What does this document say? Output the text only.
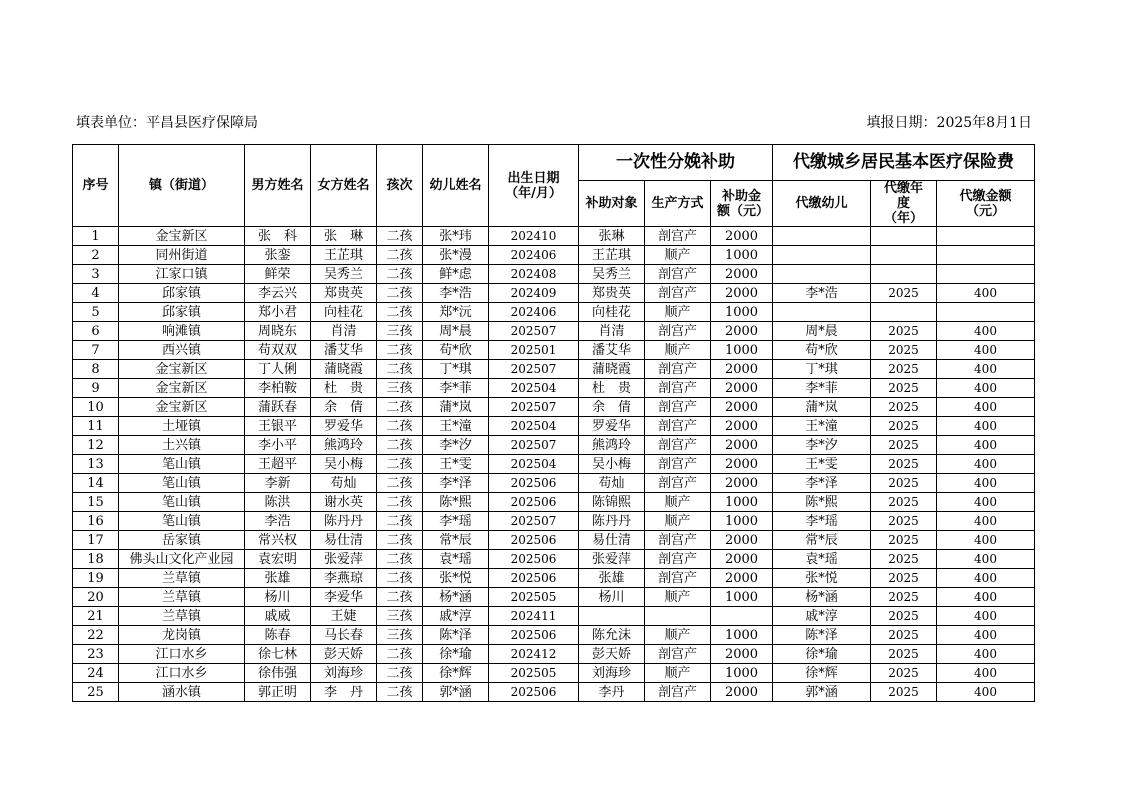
填表单位：平昌县医疗保障局	填报日期：2025年8月1日
序号	镇（街道）	男方姓名	女方姓名	孩次	幼儿姓名	出生日期（年/月）	一次性分娩补助			代缴城乡居民基本医疗保险费		
							补助对象	生产方式	补助金额（元）	代缴幼儿	代缴年度（年）	代缴金额（元）
1	金宝新区	张　科	张　琳	二孩	张*玮	202410	张琳	剖宫产	2000			
2	同州街道	张銮	王芷琪	二孩	张*漫	202406	王芷琪	顺产	1000			
3	江家口镇	鲜荣	吴秀兰	二孩	鲜*虑	202408	吴秀兰	剖宫产	2000			
4	邱家镇	李云兴	郑贵英	二孩	李*浩	202409	郑贵英	剖宫产	2000	李*浩	2025	400
5	邱家镇	郑小君	向桂花	二孩	郑*沅	202406	向桂花	顺产	1000			
6	响滩镇	周晓东	肖清	三孩	周*晨	202507	肖清	剖宫产	2000	周*晨	2025	400
7	西兴镇	苟双双	潘艾华	二孩	苟*欣	202501	潘艾华	顺产	1000	苟*欣	2025	400
8	金宝新区	丁人俐	蒲晓霞	二孩	丁*琪	202507	蒲晓霞	剖宫产	2000	丁*琪	2025	400
9	金宝新区	李柏鞍	杜　贵	三孩	李*菲	202504	杜　贵	剖宫产	2000	李*菲	2025	400
10	金宝新区	蒲跃春	余　倩	二孩	蒲*岚	202507	余　倩	剖宫产	2000	蒲*岚	2025	400
11	土垭镇	王银平	罗爱华	二孩	王*潼	202504	罗爱华	剖宫产	2000	王*潼	2025	400
12	土兴镇	李小平	熊鸿玲	二孩	李*汐	202507	熊鸿玲	剖宫产	2000	李*汐	2025	400
13	笔山镇	王超平	吴小梅	二孩	王*雯	202504	吴小梅	剖宫产	2000	王*雯	2025	400
14	笔山镇	李新	苟灿	二孩	李*泽	202506	苟灿	剖宫产	2000	李*泽	2025	400
15	笔山镇	陈洪	谢水英	二孩	陈*熙	202506	陈锦熙	顺产	1000	陈*熙	2025	400
16	笔山镇	李浩	陈丹丹	二孩	李*瑶	202507	陈丹丹	顺产	1000	李*瑶	2025	400
17	岳家镇	常兴权	易仕清	二孩	常*辰	202506	易仕清	剖宫产	2000	常*辰	2025	400
18	佛头山文化产业园	袁宏明	张爱萍	二孩	袁*瑶	202506	张爱萍	剖宫产	2000	袁*瑶	2025	400
19	兰草镇	张雄	李燕琼	二孩	张*悦	202506	张雄	剖宫产	2000	张*悦	2025	400
20	兰草镇	杨川	李爱华	二孩	杨*涵	202505	杨川	顺产	1000	杨*涵	2025	400
21	兰草镇	戚威	王婕	三孩	戚*淳	202411				戚*淳	2025	400
22	龙岗镇	陈春	马长春	三孩	陈*泽	202506	陈允沫	顺产	1000	陈*泽	2025	400
23	江口水乡	徐七林	彭天娇	二孩	徐*瑜	202412	彭天娇	剖宫产	2000	徐*瑜	2025	400
24	江口水乡	徐伟强	刘海珍	二孩	徐*辉	202505	刘海珍	顺产	1000	徐*辉	2025	400
25	涵水镇	郭正明	李　丹	二孩	郭*涵	202506	李丹	剖宫产	2000	郭*涵	2025	400
